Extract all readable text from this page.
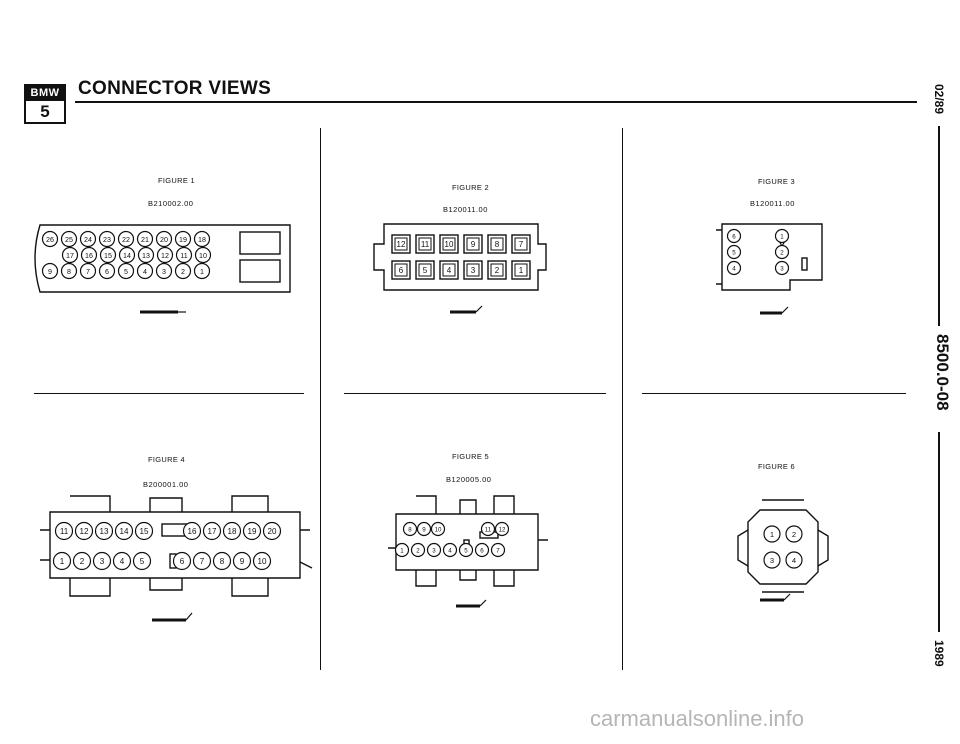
BMW
5
CONNECTOR VIEWS	02/89
8500.0-08
1989
FIGURE 1
B210002.00
FIGURE 2
B120011.00
FIGURE 3
B120011.00
FIGURE 4
B200001.00
FIGURE 5
B120005.00
FIGURE 6
26 25 24 23 22 21 20 19 18
17 16 15 14 13 12 11 10
9 8 7 6 5 4 3 2 1
12 11 10 9 8 7
6 5 4 3 2 1
6	1
5	2
4	3
11 12 13 14 15	16 17 18 19 20
1 2 3 4 5	6 7 8 9 10
8 9 10	11 12
1 2 3 4 5 6 7
1 2
3 4
carmanualsonline.info
